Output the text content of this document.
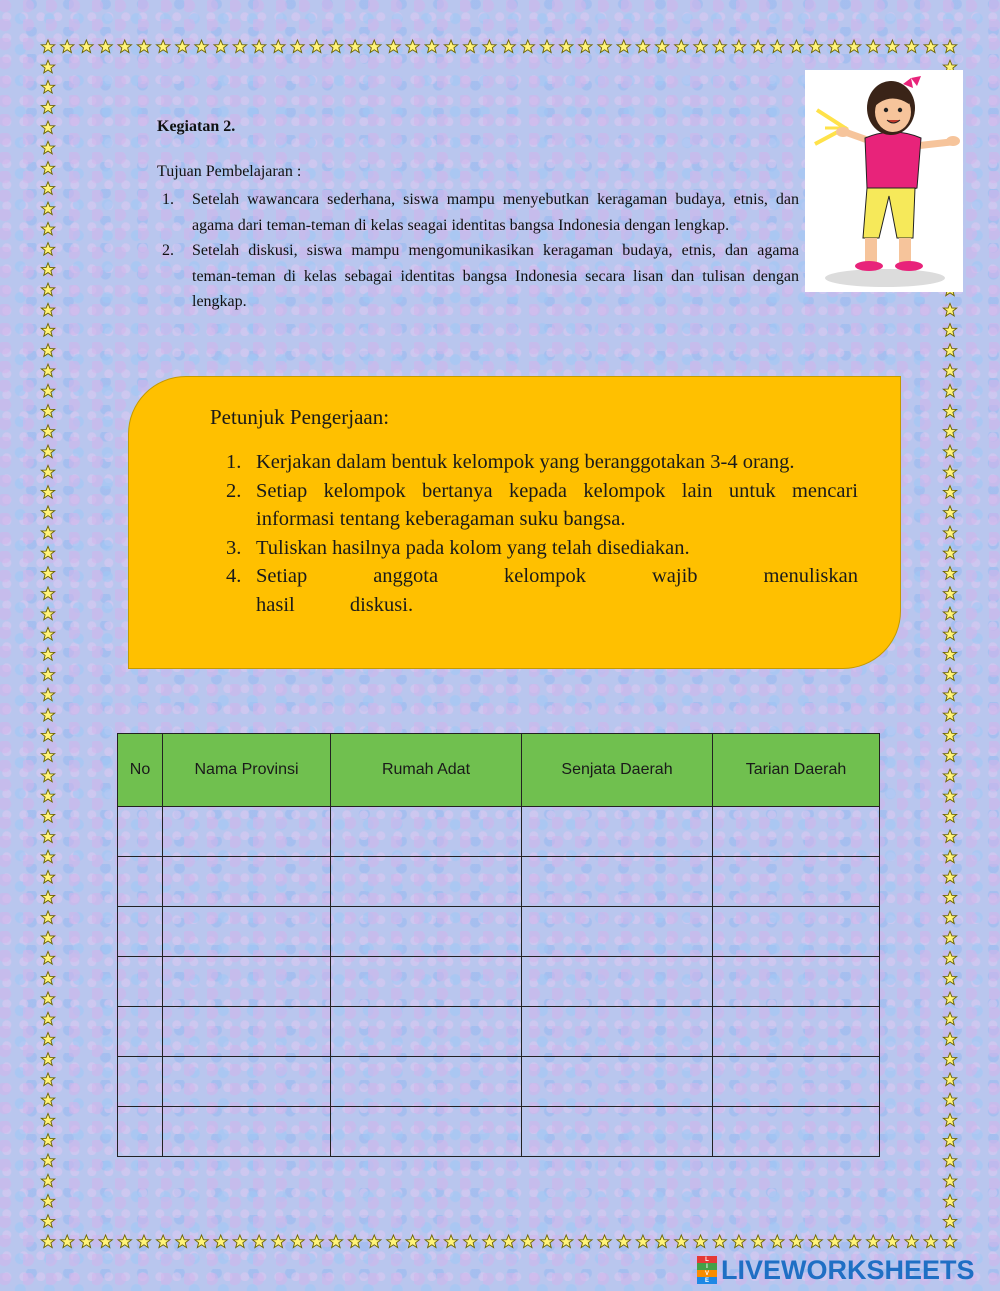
Kegiatan 2.
Tujuan Pembelajaran :
1. Setelah wawancara sederhana, siswa mampu menyebutkan keragaman budaya, etnis, dan agama dari teman-teman di kelas seagai identitas bangsa Indonesia dengan lengkap.
2. Setelah diskusi, siswa mampu mengomunikasikan keragaman budaya, etnis, dan agama teman-teman di kelas sebagai identitas bangsa Indonesia secara lisan dan tulisan dengan lengkap.
Petunjuk Pengerjaan:
1. Kerjakan dalam bentuk kelompok yang beranggotakan 3-4 orang.
2. Setiap kelompok bertanya kepada kelompok lain untuk mencari informasi tentang keberagaman suku bangsa.
3. Tuliskan hasilnya pada kolom yang telah disediakan.
4. Setiap anggota kelompok wajib menuliskan hasil diskusi.
No	Nama Provinsi	Rumah Adat	Senjata Daerah	Tarian Daerah

L
I
V
E LIVEWORKSHEETS
